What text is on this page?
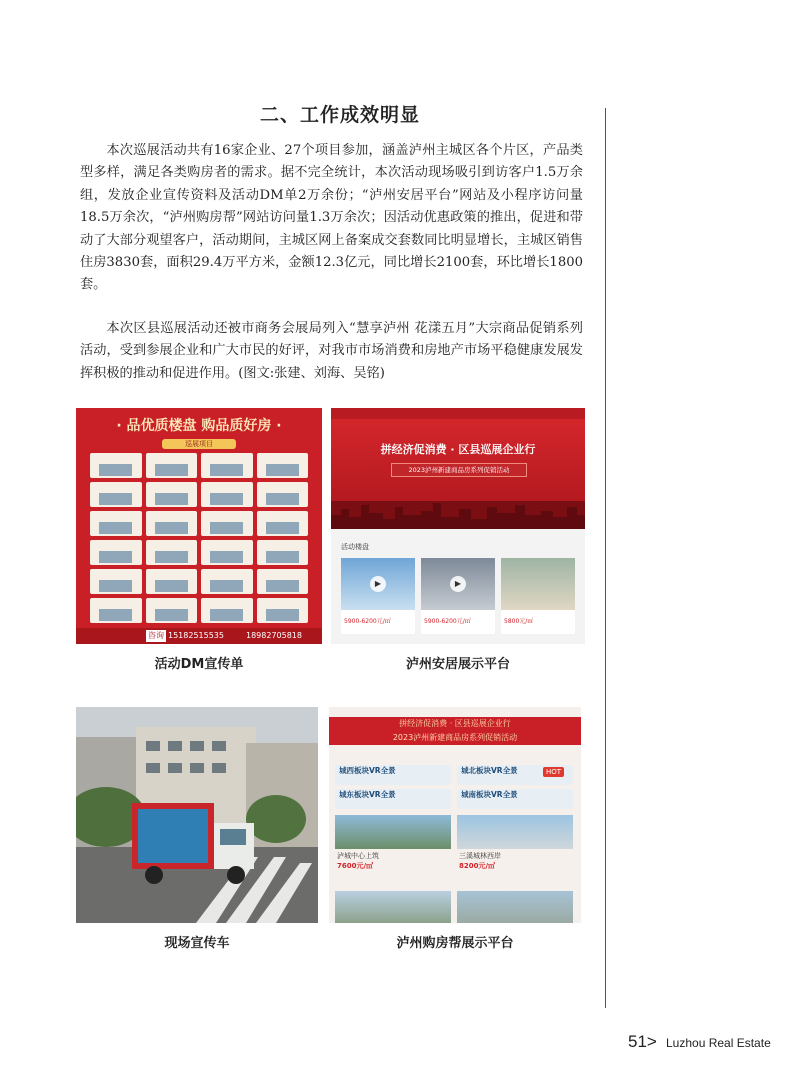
二、工作成效明显

本次巡展活动共有16家企业、27个项目参加，涵盖泸州主城区各个片区，产品类型多样，满足各类购房者的需求。据不完全统计，本次活动现场吸引到访客户1.5万余组，发放企业宣传资料及活动DM单2万余份；“泸州安居平台”网站及小程序访问量18.5万余次，“泸州购房帮”网站访问量1.3万余次；因活动优惠政策的推出，促进和带动了大部分观望客户，活动期间，主城区网上备案成交套数同比明显增长，主城区销售住房3830套，面积29.4万平方米，金额12.3亿元，同比增长2100套，环比增长1800套。

本次区县巡展活动还被市商务会展局列入“慧享泸州 花漾五月”大宗商品促销系列活动，受到参展企业和广大市民的好评，对我市市场消费和房地产市场平稳健康发展发挥积极的推动和促进作用。(图文:张建、刘海、吴铭)

· 品优质楼盘 购品质好房 ·
巡展项目
咨询 15182515535	18982705818
活动DM宣传单
拼经济促消费 · 区县巡展企业行
2023泸州新建商品房系列促销活动
活动楼盘
▶
5900-6200元/㎡
▶
5900-6200元/㎡	5800元/㎡
泸州安居展示平台
现场宣传车
拼经济促消费 · 区县巡展企业行
2023泸州新建商品房系列促销活动
城西板块VR全景	城北板块VR全景	HOT
城东板块VR全景	城南板块VR全景
泸城中心上筑
7600元/㎡
三溪城林西岸
8200元/㎡
泸州购房帮展示平台
51> Luzhou Real Estate
